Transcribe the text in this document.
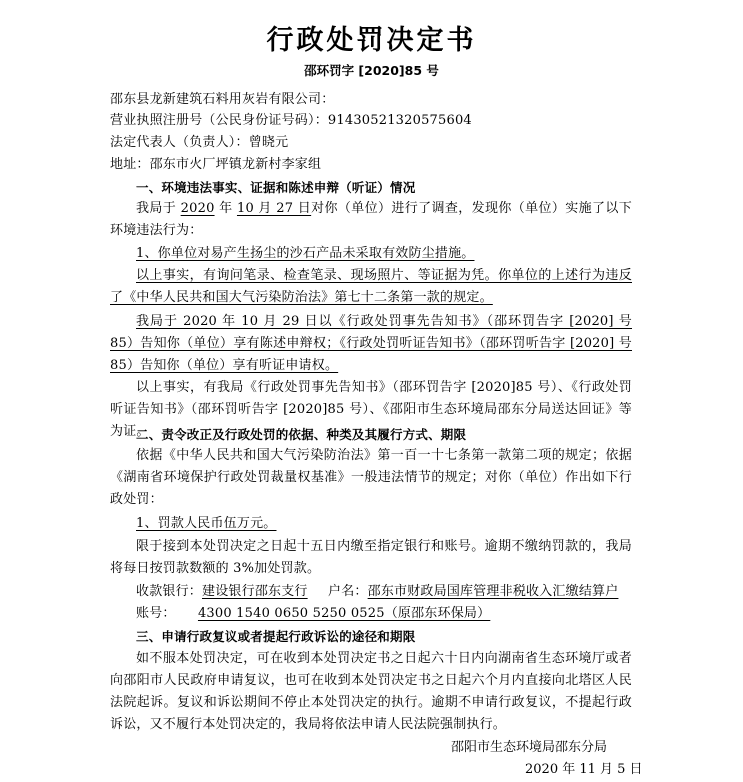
行政处罚决定书
邵环罚字 [2020]85 号
邵东县龙新建筑石料用灰岩有限公司：
营业执照注册号（公民身份证号码）：9143052132057560​4
法定代表人（负责人）：曾晓元
地址：邵东市火厂坪镇龙新村李家组
一、环境违法事实、证据和陈述申辩（听证）情况
我局于 2020 年 10 月 27 日对你（单位）进行了调查，发现你（单位）实施了以下环境违法行为：
1、你单位对易产生扬尘的沙石产品未采取有效防尘措施。
以上事实，有询问笔录、检查笔录、现场照片、等证据为凭。你单位的上述行为违反了《中华人民共和国大气污染防治法》第七十二条第一款的规定。
我局于 2020 年 10 月 29 日以《行政处罚事先告知书》（邵环罚告字 [2020] 号 85）告知你（单位）享有陈述申辩权；《行政处罚听证告知书》（邵环罚听告字 [2020] 号 85）告知你（单位）享有听证申请权。
以上事实，有我局《行政处罚事先告知书》（邵环罚告字 [2020]85 号）、《行政处罚听证告知书》（邵环罚听告字 [2020]85 号）、《邵阳市生态环境局邵东分局送达回证》等为证。
二、责令改正及行政处罚的依据、种类及其履行方式、期限
依据《中华人民共和国大气污染防治法》第一百一十七条第一款第二项的规定；依据《湖南省环境保护行政处罚裁量权基准》一般违法情节的规定；对你（单位）作出如下行政处罚：
1、罚款人民币伍万元。
限于接到本处罚决定之日起十五日内缴至指定银行和账号。逾期不缴纳罚款的，我局将每日按罚款数额的 3%加处罚款。
收款银行：建设银行邵东支行 户名：邵东市财政局国库管理非税收入汇缴结算户
账号： 4300 1540 0650 5250 0525（原邵东环保局）
三、申请行政复议或者提起行政诉讼的途径和期限
如不服本处罚决定，可在收到本处罚决定书之日起六十日内向湖南省生态环境厅或者向邵阳市人民政府申请复议，也可在收到本处罚决定书之日起六个月内直接向北塔区人民法院起诉。复议和诉讼期间不停止本处罚决定的执行。逾期不申请行政复议，不提起行政诉讼，又不履行本处罚决定的，我局将依法申请人民法院强制执行。
邵阳市生态环境局邵东分局
2020 年 11 月 5 日
